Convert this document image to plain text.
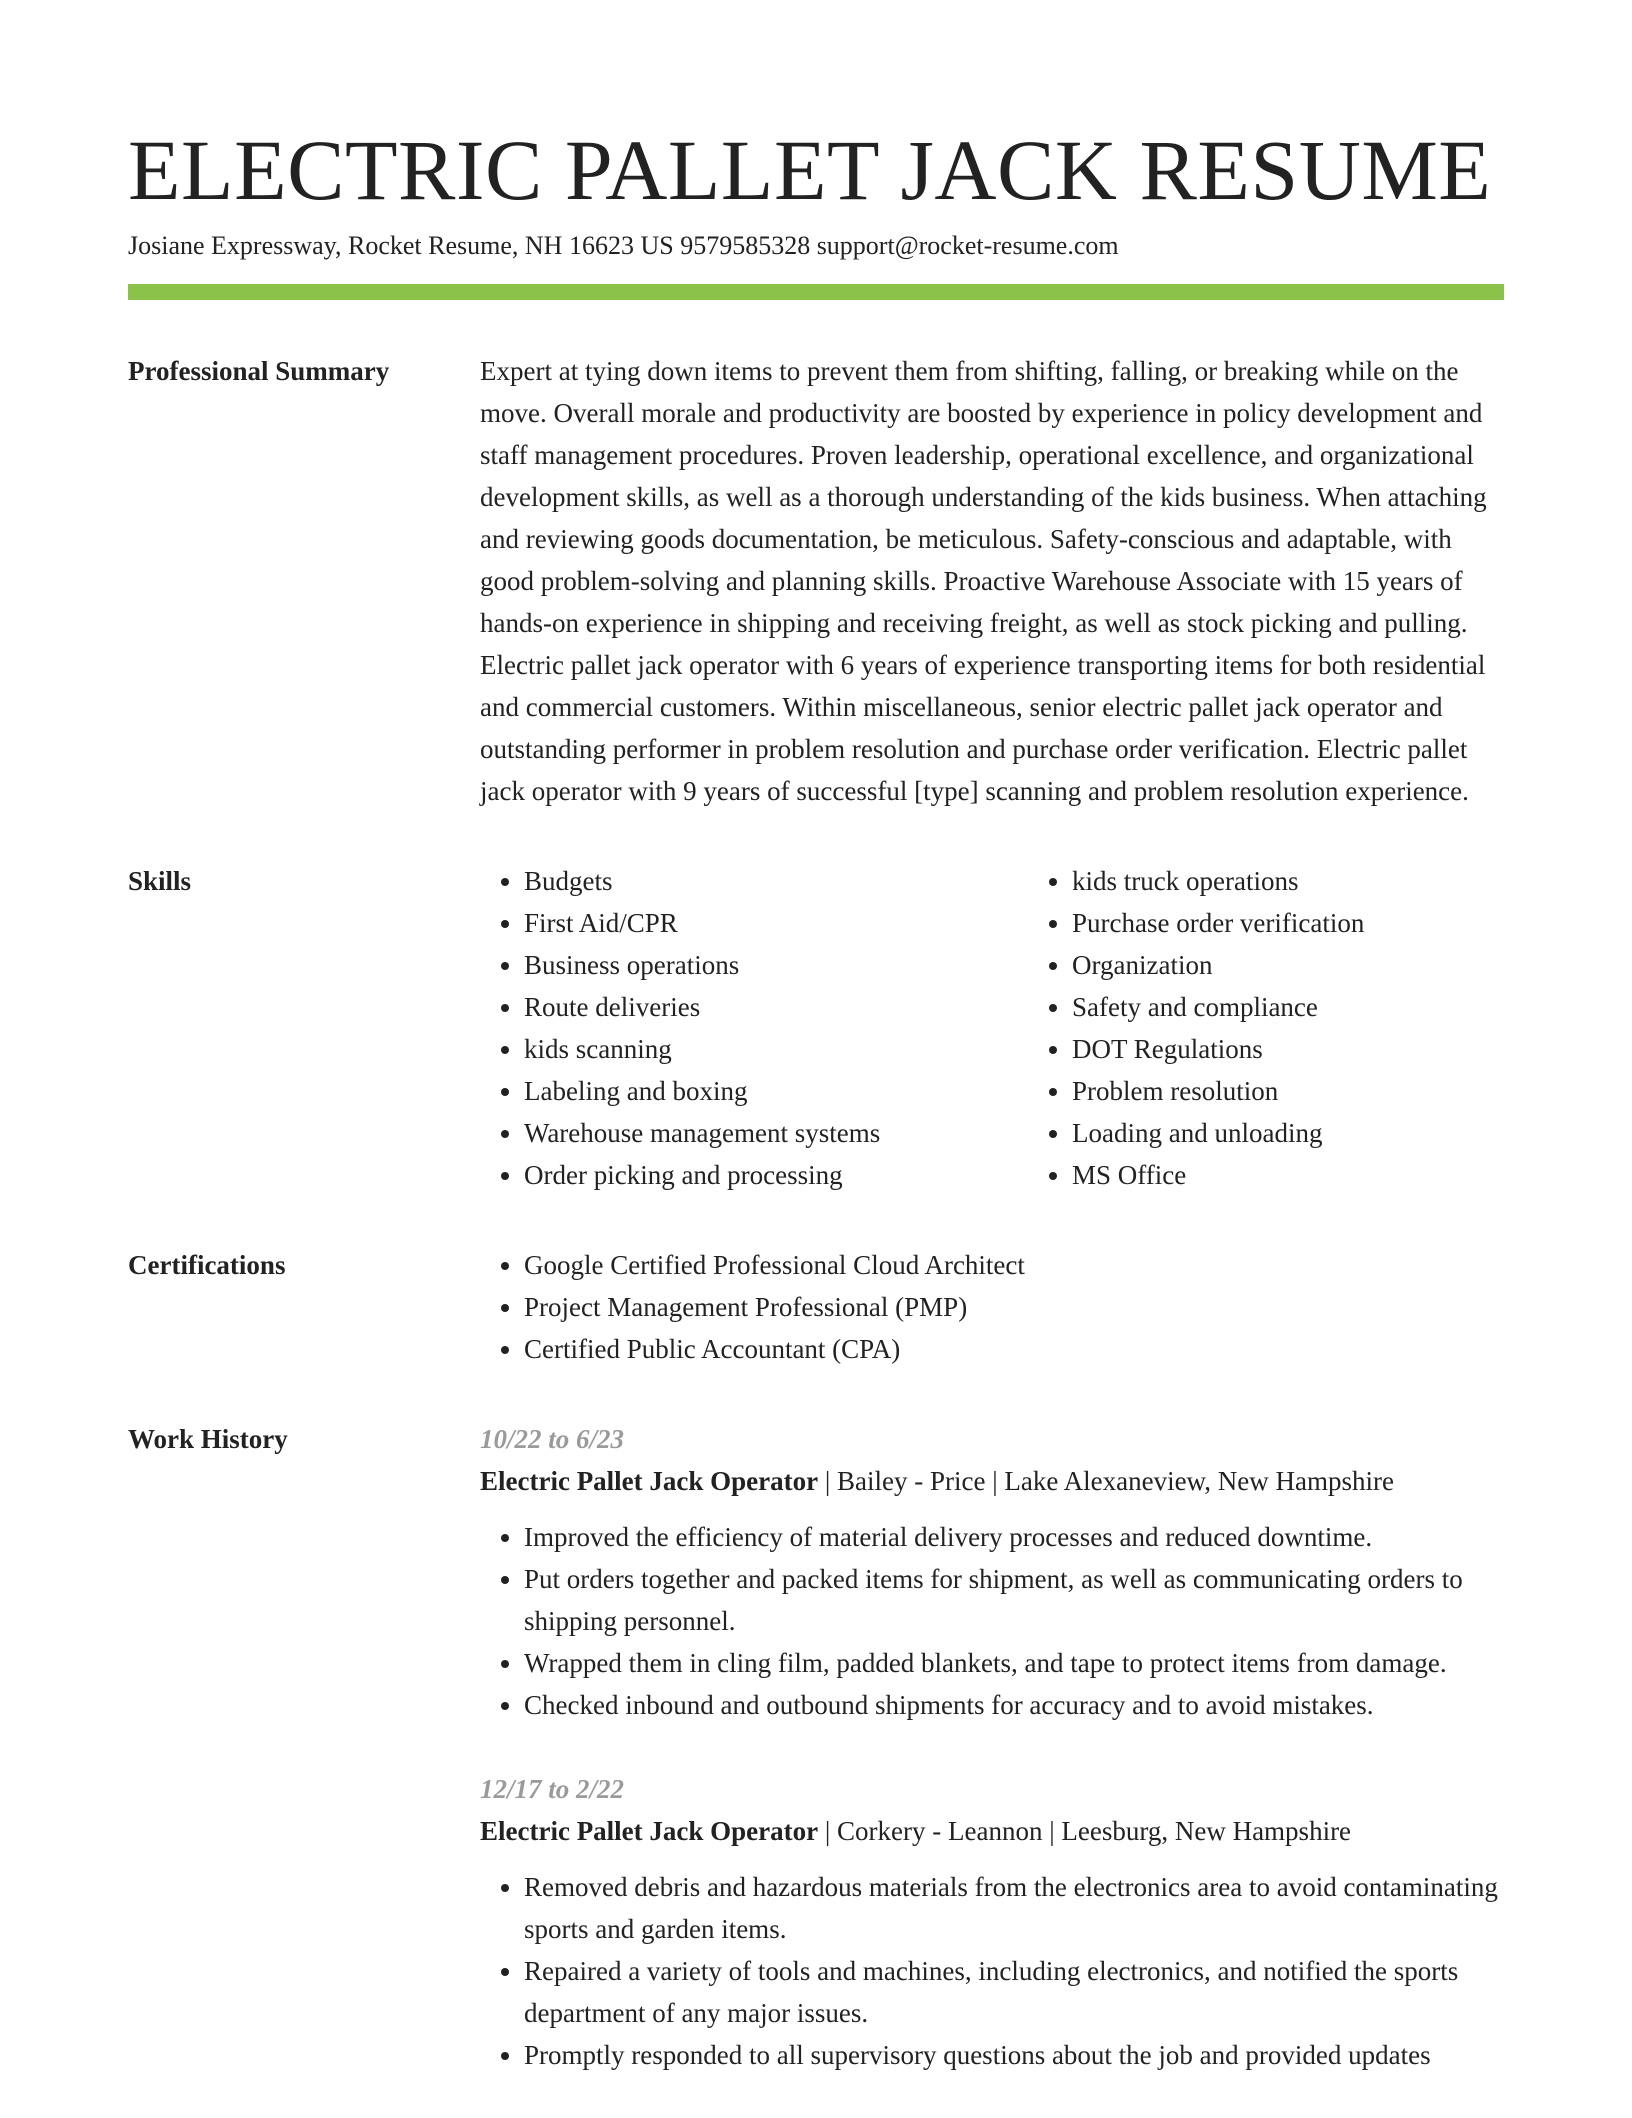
ELECTRIC PALLET JACK RESUME
Josiane Expressway, Rocket Resume, NH 16623 US 9579585328 support@rocket-resume.com
Professional Summary	Expert at tying down items to prevent them from shifting, falling, or breaking while on the move. Overall morale and productivity are boosted by experience in policy development and staff management procedures. Proven leadership, operational excellence, and organizational development skills, as well as a thorough understanding of the kids business. When attaching and reviewing goods documentation, be meticulous. Safety-conscious and adaptable, with good problem-solving and planning skills. Proactive Warehouse Associate with 15 years of hands-on experience in shipping and receiving freight, as well as stock picking and pulling. Electric pallet jack operator with 6 years of experience transporting items for both residential and commercial customers. Within miscellaneous, senior electric pallet jack operator and outstanding performer in problem resolution and purchase order verification. Electric pallet jack operator with 9 years of successful [type] scanning and problem resolution experience.

Skills	• Budgets
• First Aid/CPR
• Business operations
• Route deliveries
• kids scanning
• Labeling and boxing
• Warehouse management systems
• Order picking and processing
• kids truck operations
• Purchase order verification
• Organization
• Safety and compliance
• DOT Regulations
• Problem resolution
• Loading and unloading
• MS Office
Certifications	• Google Certified Professional Cloud Architect
• Project Management Professional (PMP)
• Certified Public Accountant (CPA)
Work History	10/22 to 6/23
Electric Pallet Jack Operator | Bailey - Price | Lake Alexaneview, New Hampshire
• Improved the efficiency of material delivery processes and reduced downtime.
• Put orders together and packed items for shipment, as well as communicating orders to shipping personnel.
• Wrapped them in cling film, padded blankets, and tape to protect items from damage.
• Checked inbound and outbound shipments for accuracy and to avoid mistakes.
12/17 to 2/22
Electric Pallet Jack Operator | Corkery - Leannon | Leesburg, New Hampshire
• Removed debris and hazardous materials from the electronics area to avoid contaminating sports and garden items.
• Repaired a variety of tools and machines, including electronics, and notified the sports department of any major issues.
• Promptly responded to all supervisory questions about the job and provided updates
